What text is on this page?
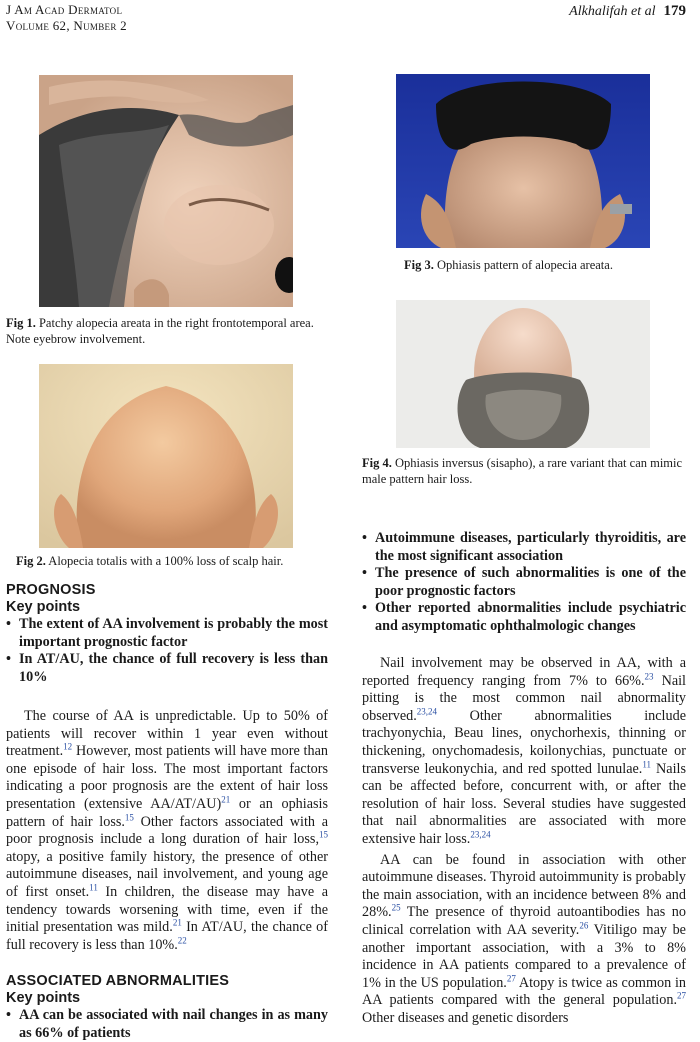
J Am Acad Dermatol
Volume 62, Number 2
Alkhalifah et al 179
Fig 1. Patchy alopecia areata in the right frontotemporal area. Note eyebrow involvement.
Fig 2. Alopecia totalis with a 100% loss of scalp hair.
Fig 3. Ophiasis pattern of alopecia areata.
Fig 4. Ophiasis inversus (sisapho), a rare variant that can mimic male pattern hair loss.
PROGNOSIS
Key points
• The extent of AA involvement is probably the most important prognostic factor
• In AT/AU, the chance of full recovery is less than 10%

The course of AA is unpredictable. Up to 50% of patients will recover within 1 year even without treatment.$^{12}$ However, most patients will have more than one episode of hair loss. The most important factors indicating a poor prognosis are the extent of hair loss presentation (extensive AA/AT/AU)$^{21}$ or an ophiasis pattern of hair loss.$^{15}$ Other factors associated with a poor prognosis include a long duration of hair loss,$^{15}$ atopy, a positive family history, the presence of other autoimmune diseases, nail involvement, and young age of first onset.$^{11}$ In children, the disease may have a tendency towards worsening with time, even if the initial presentation was mild.$^{21}$ In AT/AU, the chance of full recovery is less than 10%.$^{22}$

ASSOCIATED ABNORMALITIES
Key points
• AA can be associated with nail changes in as many as 66% of patients
• Autoimmune diseases, particularly thyroiditis, are the most significant association
• The presence of such abnormalities is one of the poor prognostic factors
• Other reported abnormalities include psychiatric and asymptomatic ophthalmologic changes

Nail involvement may be observed in AA, with a reported frequency ranging from 7% to 66%.$^{23}$ Nail pitting is the most common nail abnormality observed.$^{23,24}$ Other abnormalities include trachyonychia, Beau lines, onychorhexis, thinning or thickening, onychomadesis, koilonychias, punctuate or transverse leukonychia, and red spotted lunulae.$^{11}$ Nails can be affected before, concurrent with, or after the resolution of hair loss. Several studies have suggested that nail abnormalities are associated with more extensive hair loss.$^{23,24}$

AA can be found in association with other autoimmune diseases. Thyroid autoimmunity is probably the main association, with an incidence between 8% and 28%.$^{25}$ The presence of thyroid autoantibodies has no clinical correlation with AA severity.$^{26}$ Vitiligo may be another important association, with a 3% to 8% incidence in AA patients compared to a prevalence of 1% in the US population.$^{27}$ Atopy is twice as common in AA patients compared with the general population.$^{27}$ Other diseases and genetic disorders
